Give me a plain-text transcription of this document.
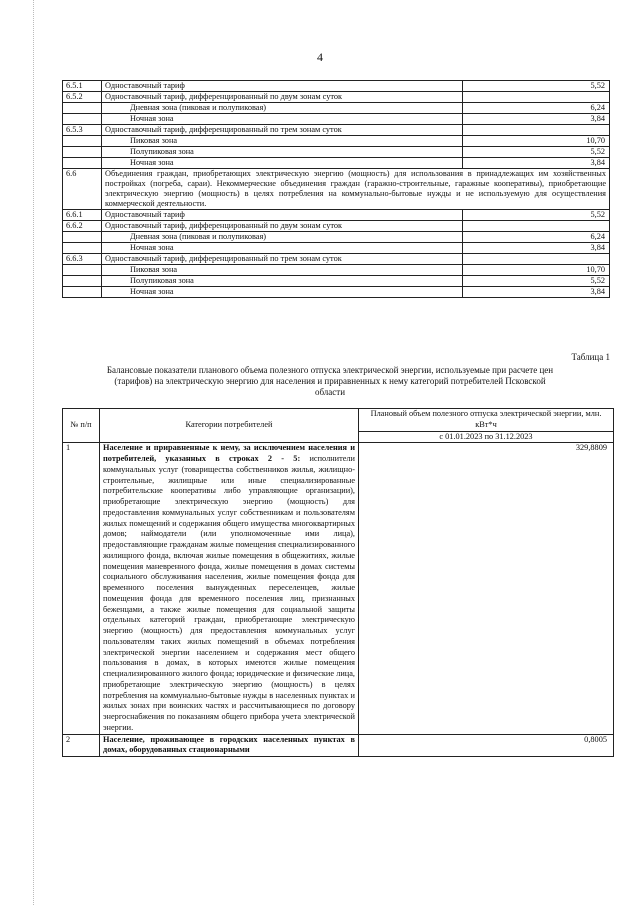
4
6.5.1	Одноставочный тариф	5,52
6.5.2	Одноставочный тариф, дифференцированный по двум зонам суток	
	Дневная зона (пиковая и полупиковая)	6,24
	Ночная зона	3,84
6.5.3	Одноставочный тариф, дифференцированный по трем зонам суток	
	Пиковая зона	10,70
	Полупиковая зона	5,52
	Ночная зона	3,84
6.6	Объединения граждан, приобретающих электрическую энергию (мощность) для использования в принадлежащих им хозяйственных постройках (погреба, сараи). Некоммерческие объединения граждан (гаражно-строительные, гаражные кооперативы), приобретающие электрическую энергию (мощность) в целях потребления на коммунально-бытовые нужды и не используемую для осуществления коммерческой деятельности.	
6.6.1	Одноставочный тариф	5,52
6.6.2	Одноставочный тариф, дифференцированный по двум зонам суток	
	Дневная зона (пиковая и полупиковая)	6,24
	Ночная зона	3,84
6.6.3	Одноставочный тариф, дифференцированный по трем зонам суток	
	Пиковая зона	10,70
	Полупиковая зона	5,52
	Ночная зона	3,84
Таблица 1
Балансовые показатели планового объема полезного отпуска электрической энергии, используемые при расчете цен (тарифов) на электрическую энергию для населения и приравненных к нему категорий потребителей Псковской области
№ п/п	Категории потребителей	Плановый объем полезного отпуска электрической энергии, млн. кВт*ч
		с 01.01.2023 по 31.12.2023
1	Население и приравненные к нему, за исключением населения и потребителей, указанных в строках 2 - 5: исполнители коммунальных услуг (товарищества собственников жилья, жилищно-строительные, жилищные или иные специализированные потребительские кооперативы либо управляющие организации), приобретающие электрическую энергию (мощность) для предоставления коммунальных услуг собственникам и пользователям жилых помещений и содержания общего имущества многоквартирных домов; наймодатели (или уполномоченные ими лица), предоставляющие гражданам жилые помещения специализированного жилищного фонда, включая жилые помещения в общежитиях, жилые помещения маневренного фонда, жилые помещения в домах системы социального обслуживания населения, жилые помещения фонда для временного поселения вынужденных переселенцев, жилые помещения фонда для временного поселения лиц, признанных беженцами, а также жилые помещения для социальной защиты отдельных категорий граждан, приобретающие электрическую энергию (мощность) для предоставления коммунальных услуг пользователям таких жилых помещений в объемах потребления электрической энергии населением и содержания мест общего пользования в домах, в которых имеются жилые помещения специализированного жилого фонда; юридические и физические лица, приобретающие электрическую энергию (мощность) в целях потребления на коммунально-бытовые нужды в населенных пунктах и жилых зонах при воинских частях и рассчитывающиеся по договору энергоснабжения по показаниям общего прибора учета электрической энергии.	329,8809
2	Население, проживающее в городских населенных пунктах в домах, оборудованных стационарными	0,8005
